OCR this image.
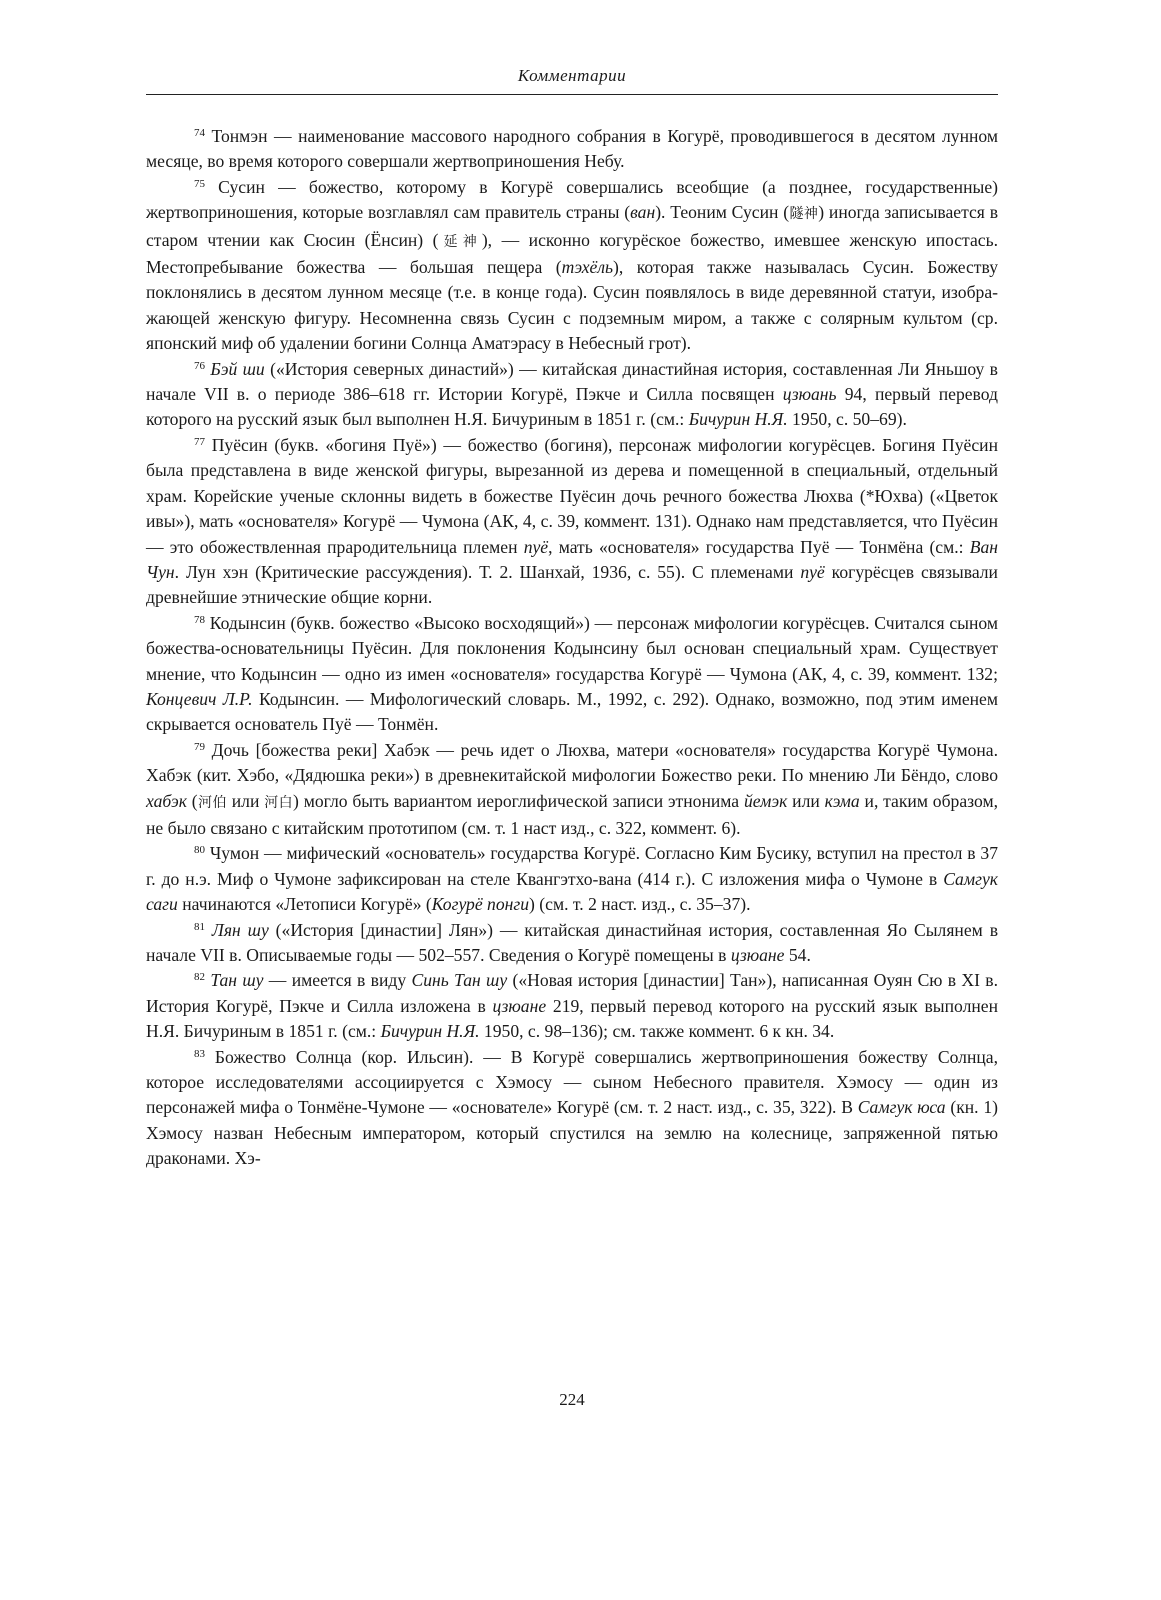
Комментарии

$^{74}$ Тонмэн — наименование массового народного собрания в Когурё, проводившегося в десятом лунном месяце, во время которого совершали жертвоприношения Небу.

$^{75}$ Сусин — божество, которому в Когурё совершались всеобщие (а позднее, государственные) жертвоприношения, которые возглавлял сам правитель страны (ван). Теоним Сусин (隧神) иногда записывается в старом чтении как Сюсин (Ёнсин) (延神), — исконно когурёское божество, имевшее женскую ипостась. Местопребывание божества — большая пещера (тэхёль), которая также называлась Сусин. Божеству поклонялись в десятом лунном месяце (т.е. в конце года). Сусин появлялось в виде деревянной статуи, изображающей женскую фигуру. Несомненна связь Сусин с подземным миром, а также с солярным культом (ср. японский миф об удалении богини Солнца Аматэрасу в Небесный грот).

$^{76}$ Бэй ши («История северных династий») — китайская династийная история, составленная Ли Яньшоу в начале VII в. о периоде 386–618 гг. Истории Когурё, Пэкче и Силла посвящен цзюань 94, первый перевод которого на русский язык был выполнен Н.Я. Бичуриным в 1851 г. (см.: Бичурин Н.Я. 1950, с. 50–69).

$^{77}$ Пуёсин (букв. «богиня Пуё») — божество (богиня), персонаж мифологии когурёсцев. Богиня Пуёсин была представлена в виде женской фигуры, вырезанной из дерева и помещенной в специальный, отдельный храм. Корейские ученые склонны видеть в божестве Пуёсин дочь речного божества Люхва (*Юхва) («Цветок ивы»), мать «основателя» Когурё — Чумона (АК, 4, с. 39, коммент. 131). Однако нам представляется, что Пуёсин — это обожествленная прародительница племен пуё, мать «основателя» государства Пуё — Тонмёна (см.: Ван Чун. Лун хэн (Критические рассуждения). Т. 2. Шанхай, 1936, с. 55). С племенами пуё когурёсцев связывали древнейшие этнические общие корни.

$^{78}$ Кодынсин (букв. божество «Высоко восходящий») — персонаж мифологии когурёсцев. Считался сыном божества-основательницы Пуёсин. Для поклонения Кодынсину был основан специальный храм. Существует мнение, что Кодынсин — одно из имен «основателя» государства Когурё — Чумона (АК, 4, с. 39, коммент. 132; Концевич Л.Р. Кодынсин. — Мифологический словарь. М., 1992, с. 292). Однако, возможно, под этим именем скрывается основатель Пуё — Тонмён.

$^{79}$ Дочь [божества реки] Хабэк — речь идет о Люхва, матери «основателя» государства Когурё Чумона. Хабэк (кит. Хэбо, «Дядюшка реки») в древнекитайской мифологии Божество реки. По мнению Ли Бёндо, слово хабэк (河伯 или 河白) могло быть вариантом иероглифической записи этнонима йемэк или кэма и, таким образом, не было связано с китайским прототипом (см. т. 1 наст изд., с. 322, коммент. 6).

$^{80}$ Чумон — мифический «основатель» государства Когурё. Согласно Ким Бусику, вступил на престол в 37 г. до н.э. Миф о Чумоне зафиксирован на стеле Квангэтхо-вана (414 г.). С изложения мифа о Чумоне в Самгук саги начинаются «Летописи Когурё» (Когурё понги) (см. т. 2 наст. изд., с. 35–37).

$^{81}$ Лян шу («История [династии] Лян») — китайская династийная история, составленная Яо Сылянем в начале VII в. Описываемые годы — 502–557. Сведения о Когурё помещены в цзюане 54.

$^{82}$ Тан шу — имеется в виду Синь Тан шу («Новая история [династии] Тан»), написанная Оуян Сю в XI в. История Когурё, Пэкче и Силла изложена в цзюане 219, первый перевод которого на русский язык выполнен Н.Я. Бичуриным в 1851 г. (см.: Бичурин Н.Я. 1950, с. 98–136); см. также коммент. 6 к кн. 34.

$^{83}$ Божество Солнца (кор. Ильсин). — В Когурё совершались жертвоприношения божеству Солнца, которое исследователями ассоциируется с Хэмосу — сыном Небесного правителя. Хэмосу — один из персонажей мифа о Тонмёне-Чумоне — «основателе» Когурё (см. т. 2 наст. изд., с. 35, 322). В Самгук юса (кн. 1) Хэмосу назван Небесным императором, который спустился на землю на колеснице, запряженной пятью драконами. Хэ-

224
